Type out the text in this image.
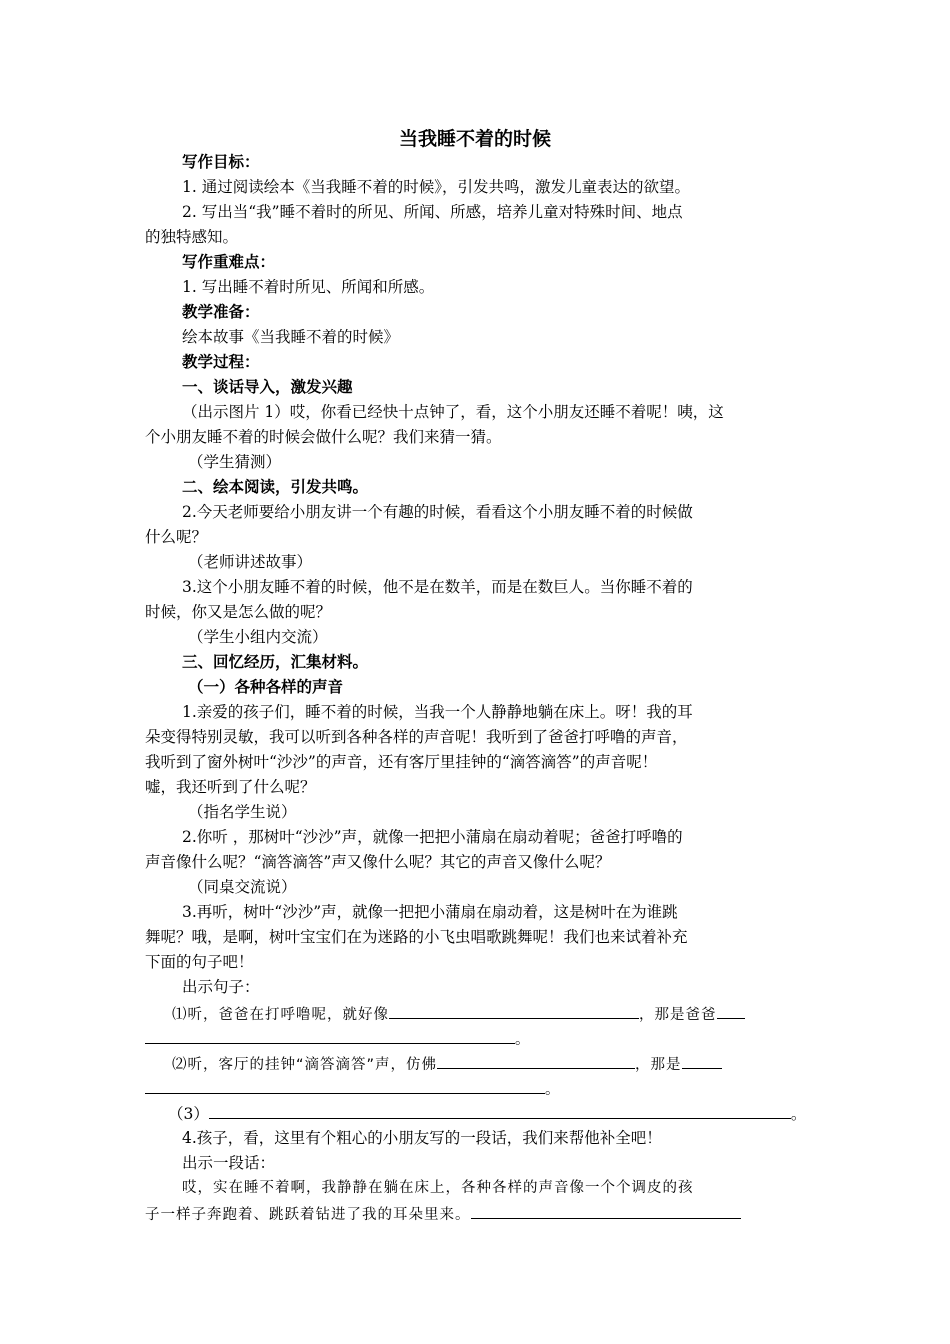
当我睡不着的时候
写作目标：
1. 通过阅读绘本《当我睡不着的时候》，引发共鸣，激发儿童表达的欲望。
2. 写出当“我”睡不着时的所见、所闻、所感，培养儿童对特殊时间、地点
的独特感知。
写作重难点：
1. 写出睡不着时所见、所闻和所感。
教学准备：
绘本故事《当我睡不着的时候》
教学过程：
一、谈话导入，激发兴趣
（出示图片 1）哎，你看已经快十点钟了，看，这个小朋友还睡不着呢！咦，这
个小朋友睡不着的时候会做什么呢？我们来猜一猜。
（学生猜测）
二、绘本阅读，引发共鸣。
2.今天老师要给小朋友讲一个有趣的时候，看看这个小朋友睡不着的时候做
什么呢？
（老师讲述故事）
3.这个小朋友睡不着的时候，他不是在数羊，而是在数巨人。当你睡不着的
时候，你又是怎么做的呢？
（学生小组内交流）
三、回忆经历，汇集材料。
（一）各种各样的声音
1.亲爱的孩子们，睡不着的时候，当我一个人静静地躺在床上。呀！我的耳
朵变得特别灵敏，我可以听到各种各样的声音呢！我听到了爸爸打呼噜的声音，
我听到了窗外树叶“沙沙”的声音，还有客厅里挂钟的“滴答滴答”的声音呢！
嘘，我还听到了什么呢？
（指名学生说）
2.你听 ，那树叶“沙沙”声，就像一把把小蒲扇在扇动着呢；爸爸打呼噜的
声音像什么呢？“滴答滴答”声又像什么呢？其它的声音又像什么呢？
（同桌交流说）
3.再听，树叶“沙沙”声，就像一把把小蒲扇在扇动着，这是树叶在为谁跳
舞呢？哦，是啊，树叶宝宝们在为迷路的小飞虫唱歌跳舞呢！我们也来试着补充
下面的句子吧！
出示句子：
⑴听，爸爸在打呼噜呢，就好像	，那是爸爸
。
⑵听，客厅的挂钟“滴答滴答”声，仿佛	，那是
。
（3）	。
4.孩子，看，这里有个粗心的小朋友写的一段话，我们来帮他补全吧！
出示一段话：
哎，实在睡不着啊，我静静在躺在床上，各种各样的声音像一个个调皮的孩
子一样子奔跑着、跳跃着钻进了我的耳朵里来。
